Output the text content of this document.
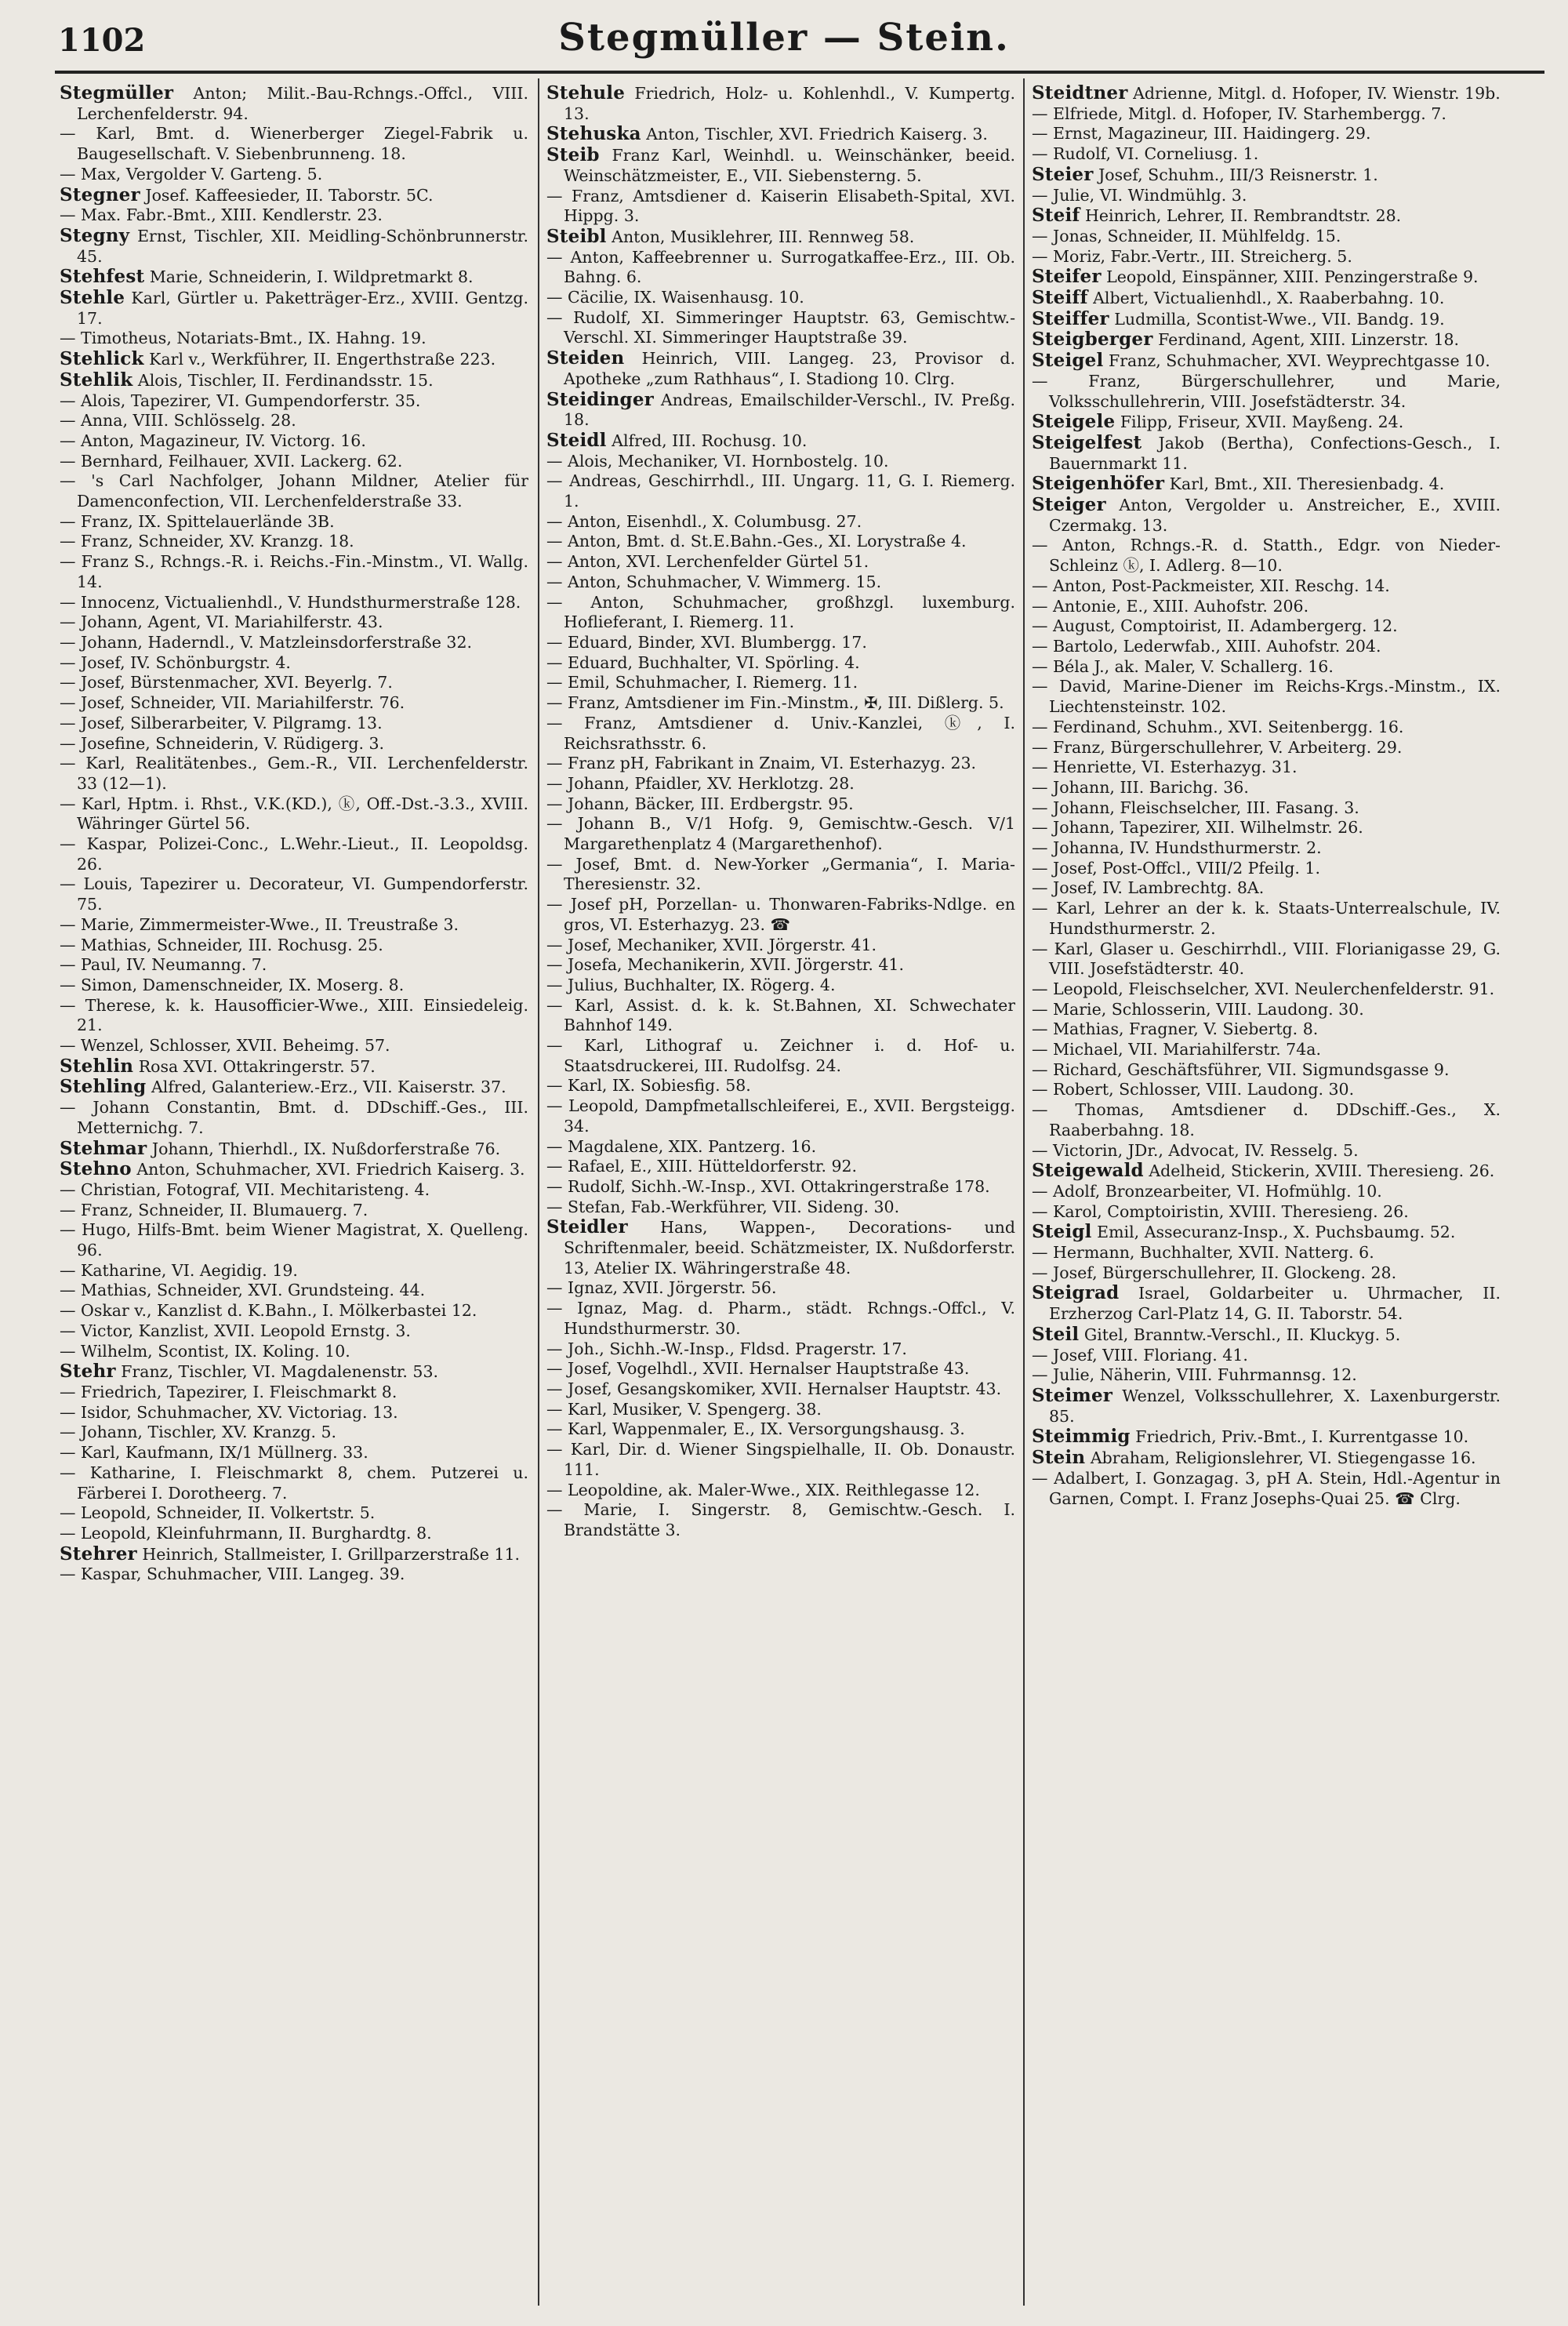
1102	Stegmüller — Stein.
Stegmüller Anton; Milit.-Bau-Rchngs.-Offcl., VIII. Lerchenfelderstr. 94.
— Karl, Bmt. d. Wienerberger Ziegel-Fabrik u. Baugesellschaft. V. Siebenbrunneng. 18.
— Max, Vergolder V. Garteng. 5.
Stegner Josef. Kaffeesieder, II. Taborstr. 5C.
— Max. Fabr.-Bmt., XIII. Kendlerstr. 23.
Stegny Ernst, Tischler, XII. Meidling-Schönbrunnerstr. 45.
Stehfest Marie, Schneiderin, I. Wildpretmarkt 8.
Stehle Karl, Gürtler u. Paketträger-Erz., XVIII. Gentzg. 17.
— Timotheus, Notariats-Bmt., IX. Hahng. 19.
Stehlick Karl v., Werkführer, II. Engerthstraße 223.
Stehlik Alois, Tischler, II. Ferdinandsstr. 15.
— Alois, Tapezirer, VI. Gumpendorferstr. 35.
— Anna, VIII. Schlösselg. 28.
— Anton, Magazineur, IV. Victorg. 16.
— Bernhard, Feilhauer, XVII. Lackerg. 62.
— 's Carl Nachfolger, Johann Mildner, Atelier für Damenconfection, VII. Lerchenfelderstraße 33.
— Franz, IX. Spittelauerlände 3B.
— Franz, Schneider, XV. Kranzg. 18.
— Franz S., Rchngs.-R. i. Reichs.-Fin.-Minstm., VI. Wallg. 14.
— Innocenz, Victualienhdl., V. Hundsthurmerstraße 128.
— Johann, Agent, VI. Mariahilferstr. 43.
— Johann, Haderndl., V. Matzleinsdorferstraße 32.
— Josef, IV. Schönburgstr. 4.
— Josef, Bürstenmacher, XVI. Beyerlg. 7.
— Josef, Schneider, VII. Mariahilferstr. 76.
— Josef, Silberarbeiter, V. Pilgramg. 13.
— Josefine, Schneiderin, V. Rüdigerg. 3.
— Karl, Realitätenbes., Gem.-R., VII. Lerchenfelderstr. 33 (12—1).
— Karl, Hptm. i. Rhst., V.K.(KD.), ⓚ, Off.-Dst.-3.3., XVIII. Währinger Gürtel 56.
— Kaspar, Polizei-Conc., L.Wehr.-Lieut., II. Leopoldsg. 26.
— Louis, Tapezirer u. Decorateur, VI. Gumpendorferstr. 75.
— Marie, Zimmermeister-Wwe., II. Treustraße 3.
— Mathias, Schneider, III. Rochusg. 25.
— Paul, IV. Neumanng. 7.
— Simon, Damenschneider, IX. Moserg. 8.
— Therese, k. k. Hausofficier-Wwe., XIII. Einsiedeleig. 21.
— Wenzel, Schlosser, XVII. Beheimg. 57.
Stehlin Rosa XVI. Ottakringerstr. 57.
Stehling Alfred, Galanteriew.-Erz., VII. Kaiserstr. 37.
— Johann Constantin, Bmt. d. DDschiff.-Ges., III. Metternichg. 7.
Stehmar Johann, Thierhdl., IX. Nußdorferstraße 76.
Stehno Anton, Schuhmacher, XVI. Friedrich Kaiserg. 3.
— Christian, Fotograf, VII. Mechitaristeng. 4.
— Franz, Schneider, II. Blumauerg. 7.
— Hugo, Hilfs-Bmt. beim Wiener Magistrat, X. Quelleng. 96.
— Katharine, VI. Aegidig. 19.
— Mathias, Schneider, XVI. Grundsteing. 44.
— Oskar v., Kanzlist d. K.Bahn., I. Mölkerbastei 12.
— Victor, Kanzlist, XVII. Leopold Ernstg. 3.
— Wilhelm, Scontist, IX. Koling. 10.
Stehr Franz, Tischler, VI. Magdalenenstr. 53.
— Friedrich, Tapezirer, I. Fleischmarkt 8.
— Isidor, Schuhmacher, XV. Victoriag. 13.
— Johann, Tischler, XV. Kranzg. 5.
— Karl, Kaufmann, IX/1 Müllnerg. 33.
— Katharine, I. Fleischmarkt 8, chem. Putzerei u. Färberei I. Dorotheerg. 7.
— Leopold, Schneider, II. Volkertstr. 5.
— Leopold, Kleinfuhrmann, II. Burghardtg. 8.
Stehrer Heinrich, Stallmeister, I. Grillparzerstraße 11.
— Kaspar, Schuhmacher, VIII. Langeg. 39.
Stehule Friedrich, Holz- u. Kohlenhdl., V. Kumpertg. 13.
Stehuska Anton, Tischler, XVI. Friedrich Kaiserg. 3.
Steib Franz Karl, Weinhdl. u. Weinschänker, beeid. Weinschätzmeister, E., VII. Siebensterng. 5.
— Franz, Amtsdiener d. Kaiserin Elisabeth-Spital, XVI. Hippg. 3.
Steibl Anton, Musiklehrer, III. Rennweg 58.
— Anton, Kaffeebrenner u. Surrogatkaffee-Erz., III. Ob. Bahng. 6.
— Cäcilie, IX. Waisenhausg. 10.
— Rudolf, XI. Simmeringer Hauptstr. 63, Gemischtw.-Verschl. XI. Simmeringer Hauptstraße 39.
Steiden Heinrich, VIII. Langeg. 23, Provisor d. Apotheke „zum Rathhaus“, I. Stadiong 10. Clrg.
Steidinger Andreas, Emailschilder-Verschl., IV. Preßg. 18.
Steidl Alfred, III. Rochusg. 10.
— Alois, Mechaniker, VI. Hornbostelg. 10.
— Andreas, Geschirrhdl., III. Ungarg. 11, G. I. Riemerg. 1.
— Anton, Eisenhdl., X. Columbusg. 27.
— Anton, Bmt. d. St.E.Bahn.-Ges., XI. Lorystraße 4.
— Anton, XVI. Lerchenfelder Gürtel 51.
— Anton, Schuhmacher, V. Wimmerg. 15.
— Anton, Schuhmacher, großhzgl. luxemburg. Hoflieferant, I. Riemerg. 11.
— Eduard, Binder, XVI. Blumbergg. 17.
— Eduard, Buchhalter, VI. Spörling. 4.
— Emil, Schuhmacher, I. Riemerg. 11.
— Franz, Amtsdiener im Fin.-Minstm., ✠, III. Dißlerg. 5.
— Franz, Amtsdiener d. Univ.-Kanzlei, ⓚ, I. Reichsrathsstr. 6.
— Franz pH, Fabrikant in Znaim, VI. Esterhazyg. 23.
— Johann, Pfaidler, XV. Herklotzg. 28.
— Johann, Bäcker, III. Erdbergstr. 95.
— Johann B., V/1 Hofg. 9, Gemischtw.-Gesch. V/1 Margarethenplatz 4 (Margarethenhof).
— Josef, Bmt. d. New-Yorker „Germania“, I. Maria-Theresienstr. 32.
— Josef pH, Porzellan- u. Thonwaren-Fabriks-Ndlge. en gros, VI. Esterhazyg. 23. ☎
— Josef, Mechaniker, XVII. Jörgerstr. 41.
— Josefa, Mechanikerin, XVII. Jörgerstr. 41.
— Julius, Buchhalter, IX. Rögerg. 4.
— Karl, Assist. d. k. k. St.Bahnen, XI. Schwechater Bahnhof 149.
— Karl, Lithograf u. Zeichner i. d. Hof- u. Staatsdruckerei, III. Rudolfsg. 24.
— Karl, IX. Sobiesfig. 58.
— Leopold, Dampfmetallschleiferei, E., XVII. Bergsteigg. 34.
— Magdalene, XIX. Pantzerg. 16.
— Rafael, E., XIII. Hütteldorferstr. 92.
— Rudolf, Sichh.-W.-Insp., XVI. Ottakringerstraße 178.
— Stefan, Fab.-Werkführer, VII. Sideng. 30.
Steidler Hans, Wappen-, Decorations- und Schriftenmaler, beeid. Schätzmeister, IX. Nußdorferstr. 13, Atelier IX. Währingerstraße 48.
— Ignaz, XVII. Jörgerstr. 56.
— Ignaz, Mag. d. Pharm., städt. Rchngs.-Offcl., V. Hundsthurmerstr. 30.
— Joh., Sichh.-W.-Insp., Fldsd. Pragerstr. 17.
— Josef, Vogelhdl., XVII. Hernalser Hauptstraße 43.
— Josef, Gesangskomiker, XVII. Hernalser Hauptstr. 43.
— Karl, Musiker, V. Spengerg. 38.
— Karl, Wappenmaler, E., IX. Versorgungshausg. 3.
— Karl, Dir. d. Wiener Singspielhalle, II. Ob. Donaustr. 111.
— Leopoldine, ak. Maler-Wwe., XIX. Reithlegasse 12.
— Marie, I. Singerstr. 8, Gemischtw.-Gesch. I. Brandstätte 3.
Steidtner Adrienne, Mitgl. d. Hofoper, IV. Wienstr. 19b.
— Elfriede, Mitgl. d. Hofoper, IV. Starhembergg. 7.
— Ernst, Magazineur, III. Haidingerg. 29.
— Rudolf, VI. Corneliusg. 1.
Steier Josef, Schuhm., III/3 Reisnerstr. 1.
— Julie, VI. Windmühlg. 3.
Steif Heinrich, Lehrer, II. Rembrandtstr. 28.
— Jonas, Schneider, II. Mühlfeldg. 15.
— Moriz, Fabr.-Vertr., III. Streicherg. 5.
Steifer Leopold, Einspänner, XIII. Penzingerstraße 9.
Steiff Albert, Victualienhdl., X. Raaberbahng. 10.
Steiffer Ludmilla, Scontist-Wwe., VII. Bandg. 19.
Steigberger Ferdinand, Agent, XIII. Linzerstr. 18.
Steigel Franz, Schuhmacher, XVI. Weyprechtgasse 10.
— Franz, Bürgerschullehrer, und Marie, Volksschullehrerin, VIII. Josefstädterstr. 34.
Steigele Filipp, Friseur, XVII. Mayßeng. 24.
Steigelfest Jakob (Bertha), Confections-Gesch., I. Bauernmarkt 11.
Steigenhöfer Karl, Bmt., XII. Theresienbadg. 4.
Steiger Anton, Vergolder u. Anstreicher, E., XVIII. Czermakg. 13.
— Anton, Rchngs.-R. d. Statth., Edgr. von Nieder-Schleinz ⓚ, I. Adlerg. 8—10.
— Anton, Post-Packmeister, XII. Reschg. 14.
— Antonie, E., XIII. Auhofstr. 206.
— August, Comptoirist, II. Adambergerg. 12.
— Bartolo, Lederwfab., XIII. Auhofstr. 204.
— Béla J., ak. Maler, V. Schallerg. 16.
— David, Marine-Diener im Reichs-Krgs.-Minstm., IX. Liechtensteinstr. 102.
— Ferdinand, Schuhm., XVI. Seitenbergg. 16.
— Franz, Bürgerschullehrer, V. Arbeiterg. 29.
— Henriette, VI. Esterhazyg. 31.
— Johann, III. Barichg. 36.
— Johann, Fleischselcher, III. Fasang. 3.
— Johann, Tapezirer, XII. Wilhelmstr. 26.
— Johanna, IV. Hundsthurmerstr. 2.
— Josef, Post-Offcl., VIII/2 Pfeilg. 1.
— Josef, IV. Lambrechtg. 8A.
— Karl, Lehrer an der k. k. Staats-Unterrealschule, IV. Hundsthurmerstr. 2.
— Karl, Glaser u. Geschirrhdl., VIII. Florianigasse 29, G. VIII. Josefstädterstr. 40.
— Leopold, Fleischselcher, XVI. Neulerchenfelderstr. 91.
— Marie, Schlosserin, VIII. Laudong. 30.
— Mathias, Fragner, V. Siebertg. 8.
— Michael, VII. Mariahilferstr. 74a.
— Richard, Geschäftsführer, VII. Sigmundsgasse 9.
— Robert, Schlosser, VIII. Laudong. 30.
— Thomas, Amtsdiener d. DDschiff.-Ges., X. Raaberbahng. 18.
— Victorin, JDr., Advocat, IV. Resselg. 5.
Steigewald Adelheid, Stickerin, XVIII. Theresieng. 26.
— Adolf, Bronzearbeiter, VI. Hofmühlg. 10.
— Karol, Comptoiristin, XVIII. Theresieng. 26.
Steigl Emil, Assecuranz-Insp., X. Puchsbaumg. 52.
— Hermann, Buchhalter, XVII. Natterg. 6.
— Josef, Bürgerschullehrer, II. Glockeng. 28.
Steigrad Israel, Goldarbeiter u. Uhrmacher, II. Erzherzog Carl-Platz 14, G. II. Taborstr. 54.
Steil Gitel, Branntw.-Verschl., II. Kluckyg. 5.
— Josef, VIII. Floriang. 41.
— Julie, Näherin, VIII. Fuhrmannsg. 12.
Steimer Wenzel, Volksschullehrer, X. Laxenburgerstr. 85.
Steimmig Friedrich, Priv.-Bmt., I. Kurrentgasse 10.
Stein Abraham, Religionslehrer, VI. Stiegengasse 16.
— Adalbert, I. Gonzagag. 3, pH A. Stein, Hdl.-Agentur in Garnen, Compt. I. Franz Josephs-Quai 25. ☎ Clrg.
